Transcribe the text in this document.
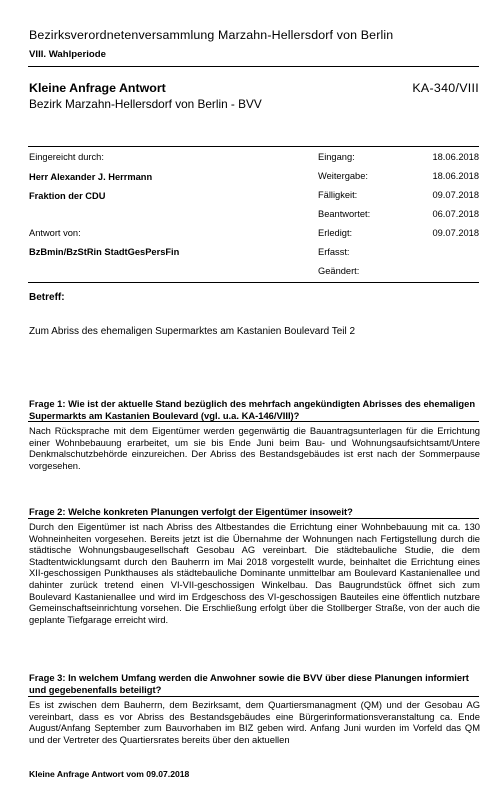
Bezirksverordnetenversammlung Marzahn-Hellersdorf von Berlin
VIII. Wahlperiode
Kleine Anfrage Antwort	KA-340/VIII
Bezirk Marzahn-Hellersdorf von Berlin - BVV
Eingereicht durch:
Herr Alexander J. Herrmann
Fraktion der CDU
Antwort von:
BzBmin/BzStRin StadtGesPersFin
Eingang:	18.06.2018
Weitergabe:	18.06.2018
Fälligkeit:	09.07.2018
Beantwortet:	06.07.2018
Erledigt:	09.07.2018
Erfasst:
Geändert:
Betreff:
Zum Abriss des ehemaligen Supermarktes am Kastanien Boulevard Teil 2
Frage 1: Wie ist der aktuelle Stand bezüglich des mehrfach angekündigten Abrisses des ehemaligen Supermarkts am Kastanien Boulevard (vgl. u.a. KA-146/VIII)?
Nach Rücksprache mit dem Eigentümer werden gegenwärtig die Bauantragsunterlagen für die Errichtung einer Wohnbebauung erarbeitet, um sie bis Ende Juni beim Bau- und Wohnungsaufsichtsamt/Untere Denkmalschutzbehörde einzureichen. Der Abriss des Bestandsgebäudes ist erst nach der Sommerpause vorgesehen.
Frage 2: Welche konkreten Planungen verfolgt der Eigentümer insoweit?
Durch den Eigentümer ist nach Abriss des Altbestandes die Errichtung einer Wohnbebauung mit ca. 130 Wohneinheiten vorgesehen. Bereits jetzt ist die Übernahme der Wohnungen nach Fertigstellung durch die städtische Wohnungsbaugesellschaft Gesobau AG vereinbart. Die städtebauliche Studie, die dem Stadtentwicklungsamt durch den Bauherrn im Mai 2018 vorgestellt wurde, beinhaltet die Errichtung eines XII-geschossigen Punkthauses als städtebauliche Dominante unmittelbar am Boulevard Kastanienallee und dahinter zurück tretend einen VI-VII-geschossigen Winkelbau. Das Baugrundstück öffnet sich zum Boulevard Kastanienallee und wird im Erdgeschoss des VI-geschossigen Bauteiles eine öffentlich nutzbare Gemeinschaftseinrichtung vorsehen. Die Erschließung erfolgt über die Stollberger Straße, von der auch die geplante Tiefgarage erreicht wird.
Frage 3: In welchem Umfang werden die Anwohner sowie die BVV über diese Planungen informiert und gegebenenfalls beteiligt?
Es ist zwischen dem Bauherrn, dem Bezirksamt, dem Quartiersmanagment (QM) und der Gesobau AG vereinbart, dass es vor Abriss des Bestandsgebäudes eine Bürgerinformationsveranstaltung ca. Ende August/Anfang September zum Bauvorhaben im BIZ geben wird. Anfang Juni wurden im Vorfeld das QM und der Vertreter des Quartiersrates bereits über den aktuellen
Kleine Anfrage Antwort vom 09.07.2018
